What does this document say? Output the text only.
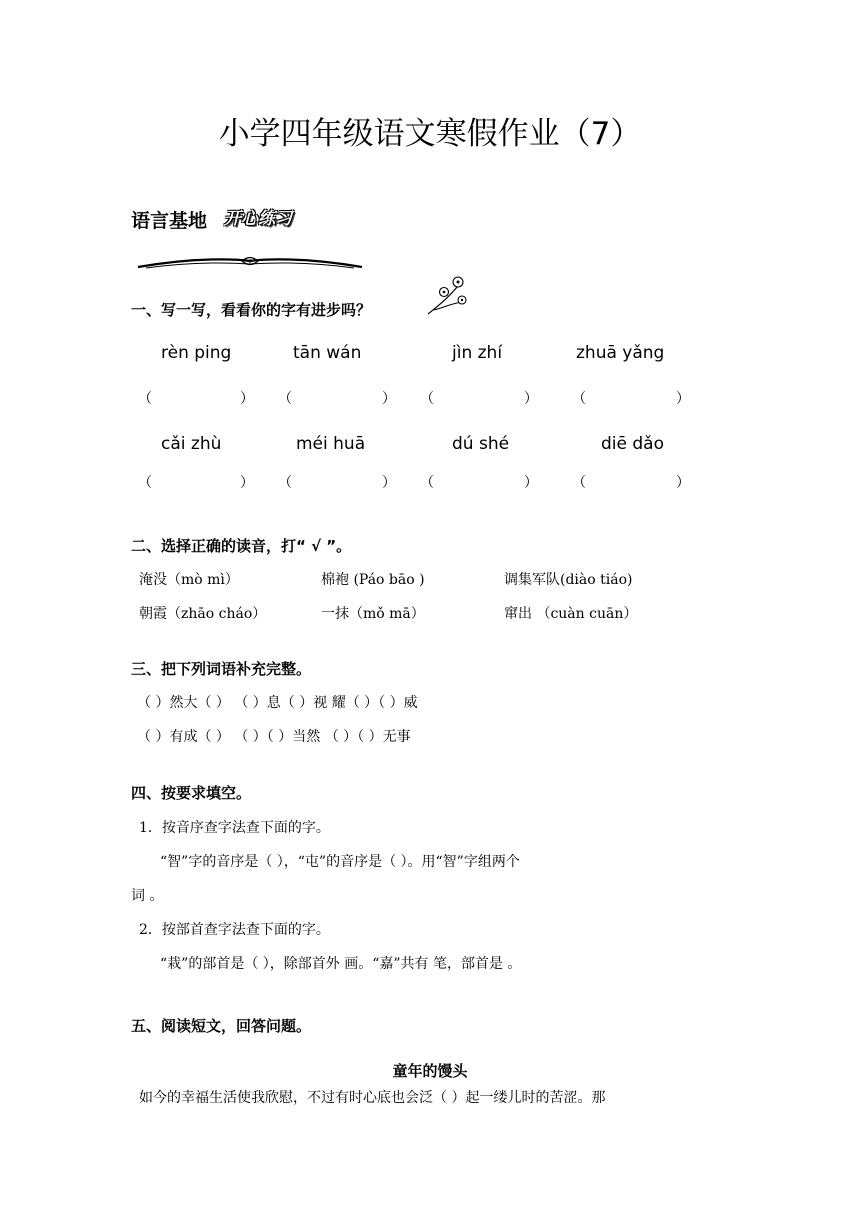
小学四年级语文寒假作业（7）
语言基地 开心练习
一、写一写，看看你的字有进步吗？
rèn ping	tān wán	jìn zhí	zhuā yǎng
（	） （	） （	） （	）
cǎi zhù	méi huā	dú shé	diē dǎo
（	） （	） （	） （	）
二、选择正确的读音，打“ √ ”。
淹没（mò mì）	棉袍 (Páo bāo )	调集军队(diào tiáo)
朝霞（zhāo cháo）	一抹（mǒ mā）	窜出 （cuàn cuān）
三、把下列词语补充完整。
（ ）然大（ ） （ ）息（ ）视 耀（ ）（ ）威
（ ）有成（ ） （ ）（ ）当然 （ ）（ ）无事
四、按要求填空。
1．按音序查字法查下面的字。
“智”字的音序是（ ），“屯”的音序是（ ）。用“智”字组两个
词 。
2．按部首查字法查下面的字。
“栽”的部首是（ ），除部首外 画。“嘉”共有 笔，部首是 。
五、阅读短文，回答问题。
童年的馒头
如今的幸福生活使我欣慰，不过有时心底也会泛（ ）起一缕儿时的苦涩。那
